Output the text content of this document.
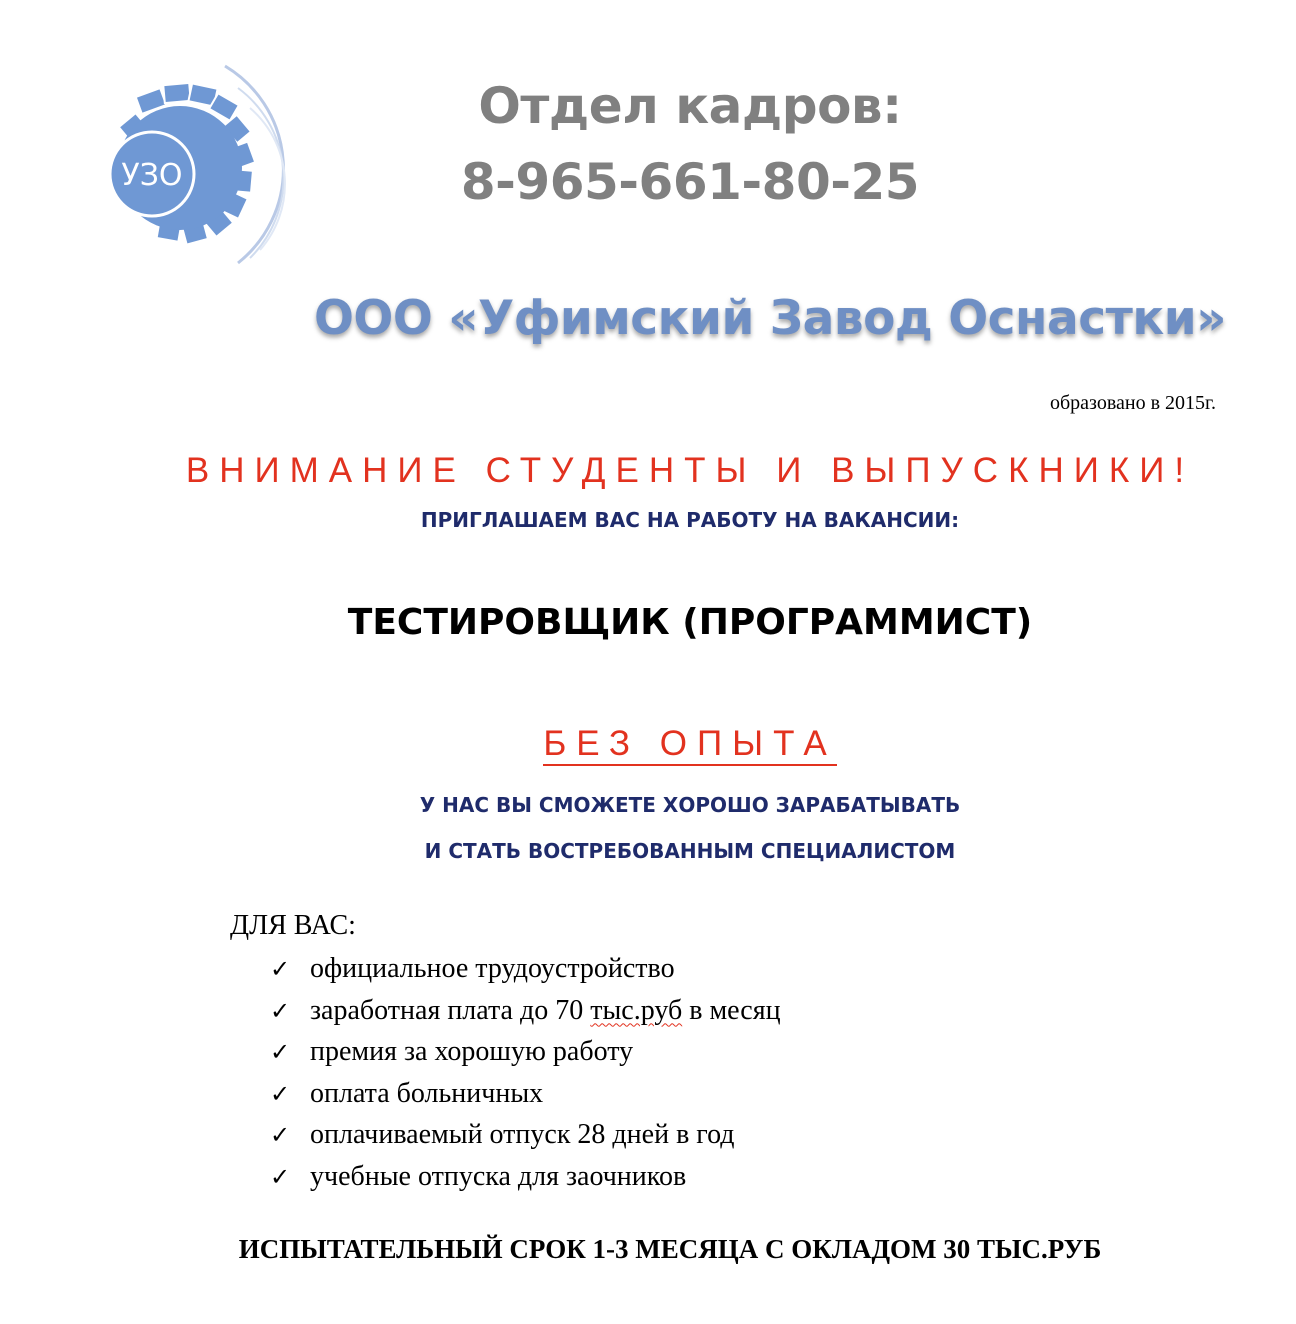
УЗО
Отдел кадров:
8-965-661-80-25
ООО «Уфимский Завод Оснастки»
образовано в 2015г.
ВНИМАНИЕ СТУДЕНТЫ И ВЫПУСКНИКИ!
ПРИГЛАШАЕМ ВАС НА РАБОТУ НА ВАКАНСИИ:
ТЕСТИРОВЩИК (ПРОГРАММИСТ)
БЕЗ ОПЫТА
У НАС ВЫ СМОЖЕТЕ ХОРОШО ЗАРАБАТЫВАТЬ
И СТАТЬ ВОСТРЕБОВАННЫМ СПЕЦИАЛИСТОМ
ДЛЯ ВАС:
✓ официальное трудоустройство
✓ заработная плата до 70 тыс.руб в месяц
✓ премия за хорошую работу
✓ оплата больничных
✓ оплачиваемый отпуск 28 дней в год
✓ учебные отпуска для заочников
ИСПЫТАТЕЛЬНЫЙ СРОК 1-3 МЕСЯЦА С ОКЛАДОМ 30 ТЫС.РУБ
